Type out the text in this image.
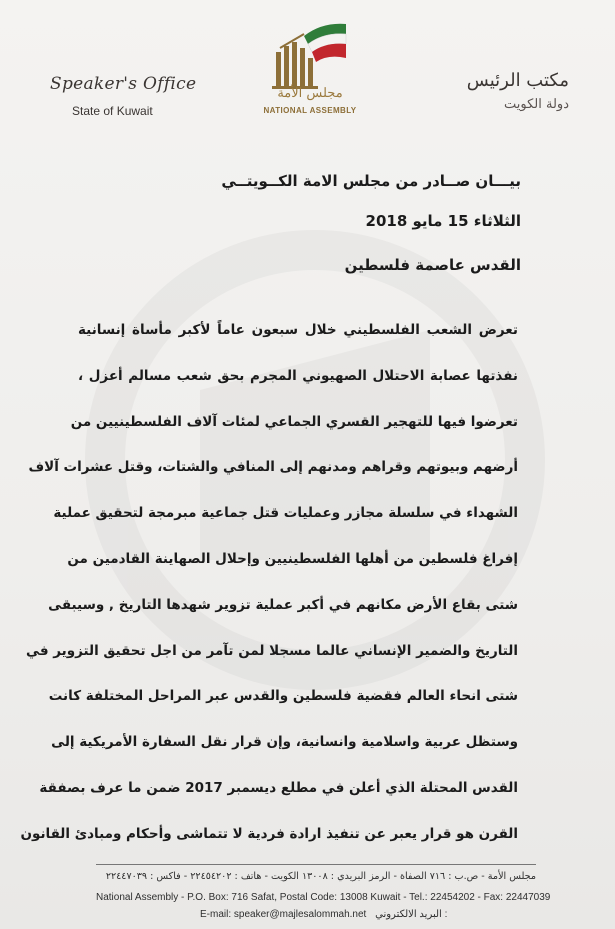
Speaker's Office
State of Kuwait
مجلس الأمة
NATIONAL ASSEMBLY
مكتب الرئيس
دولة الكويت
بيـــان صــادر من مجلس الامة الكــويتــي
الثلاثاء 15 مايو 2018
القدس عاصمة فلسطين

تعرض الشعب الفلسطيني خلال سبعون عاماً لأكبر مأساة إنسانية

نفذتها عصابة الاحتلال الصهيوني المجرم بحق شعب مسالم أعزل ،

تعرضوا فيها للتهجير القسري الجماعي لمئات آلاف الفلسطينيين من

أرضهم وبيوتهم وقراهم ومدنهم إلى المنافي والشتات، وقتل عشرات آلاف

الشهداء في سلسلة مجازر وعمليات قتل جماعية مبرمجة لتحقيق عملية

إفراغ فلسطين من أهلها الفلسطينيين وإحلال الصهاينة القادمين من

شتى بقاع الأرض مكانهم في أكبر عملية تزوير شهدها التاريخ , وسيبقى

التاريخ والضمير الإنساني عالما مسجلا لمن تآمر من اجل تحقيق التزوير في

شتى انحاء العالم فقضية فلسطين والقدس عبر المراحل المختلفة كانت

وستظل عربية واسلامية وانسانية، وإن قرار نقل السفارة الأمريكية إلى

القدس المحتلة الذي أعلن في مطلع ديسمبر 2017 ضمن ما عرف بصفقة

القرن هو قرار يعبر عن تنفيذ ارادة فردية لا تتماشى وأحكام ومبادئ القانون

مجلس الأمة - ص.ب : ٧١٦ الصفاة - الرمز البريدي : ١٣٠٠٨ الكويت - هاتف : ٢٢٤٥٤٢٠٢ - فاكس : ٢٢٤٤٧٠٣٩
National Assembly - P.O. Box: 716 Safat, Postal Code: 13008 Kuwait - Tel.: 22454202 - Fax: 22447039
E-mail: speaker@majlesalommah.net البريد الالكتروني :
